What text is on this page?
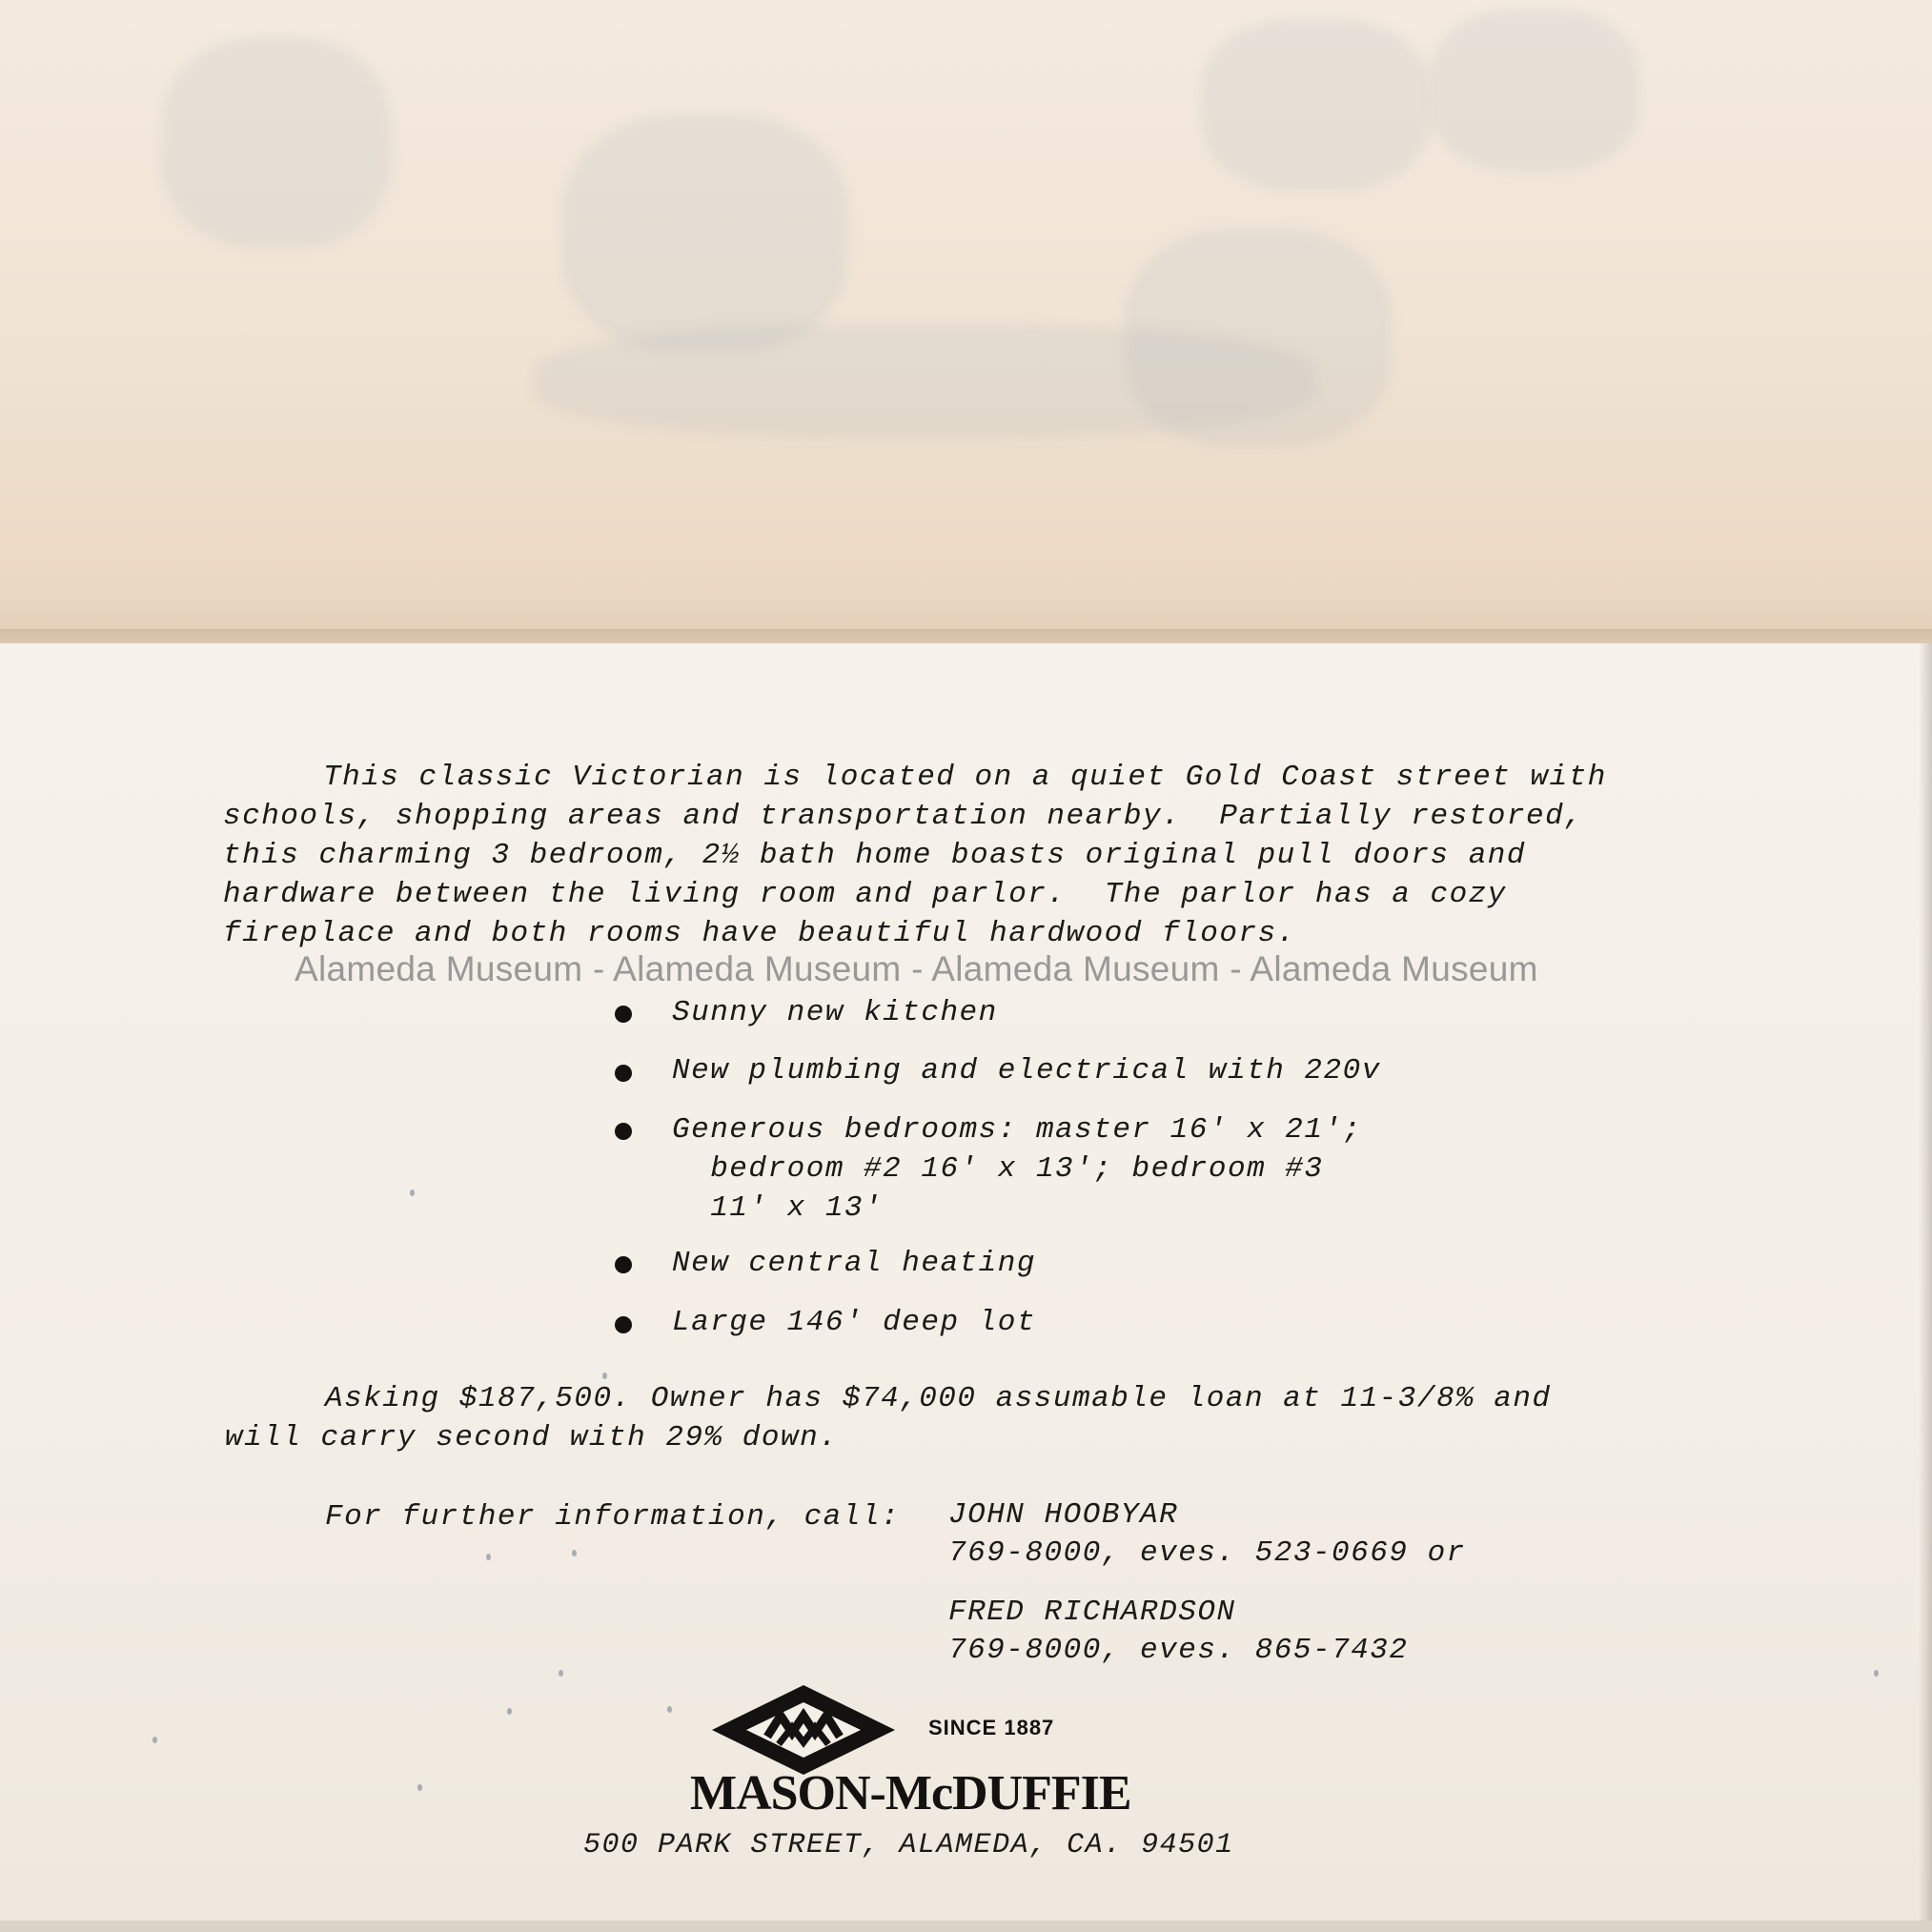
This classic Victorian is located on a quiet Gold Coast street with
schools, shopping areas and transportation nearby.  Partially restored,
this charming 3 bedroom, 2½ bath home boasts original pull doors and
hardware between the living room and parlor.  The parlor has a cozy
fireplace and both rooms have beautiful hardwood floors.
Alameda Museum - Alameda Museum - Alameda Museum - Alameda Museum
Sunny new kitchen
New plumbing and electrical with 220v
Generous bedrooms: master 16' x 21';
bedroom #2 16' x 13'; bedroom #3
11' x 13'
New central heating
Large 146' deep lot
Asking $187,500. Owner has $74,000 assumable loan at 11-3/8% and
will carry second with 29% down.
For further information, call: JOHN HOOBYAR
769-8000, eves. 523-0669 or
FRED RICHARDSON
769-8000, eves. 865-7432
SINCE 1887
MASON-McDUFFIE
500 PARK STREET, ALAMEDA, CA. 94501
